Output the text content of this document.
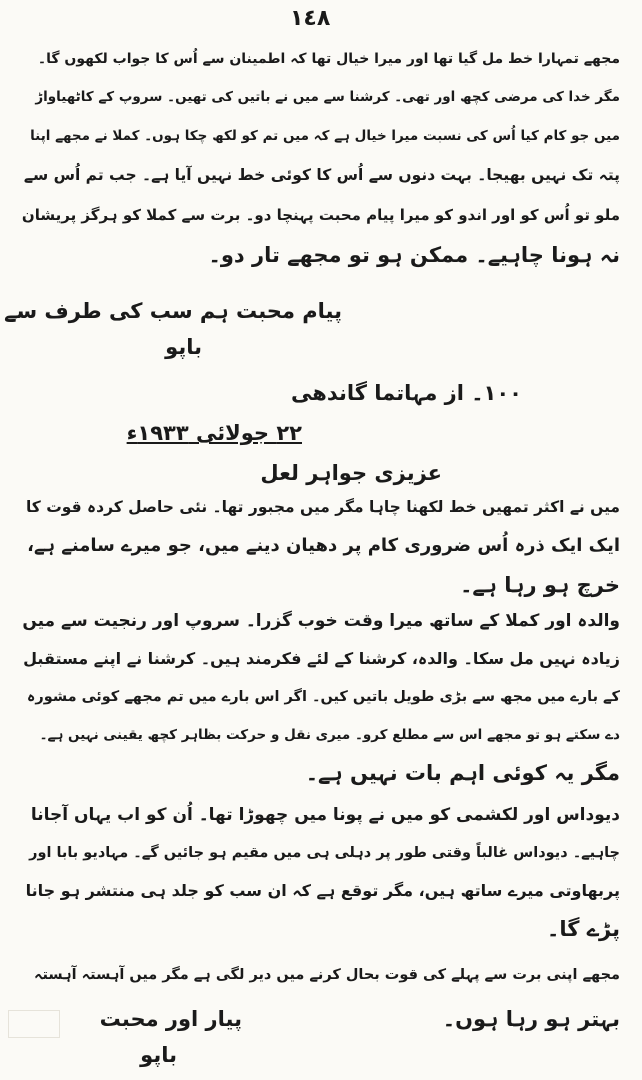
١٤٨
مجھے تمہارا خط مل گیا تھا اور میرا خیال تھا کہ اطمینان سے اُس کا جواب لکھوں گا۔
مگر خدا کی مرضی کچھ اور تھی۔ کرشنا سے میں نے باتیں کی تھیں۔ سروپ کے کاٹھیاواڑ
میں جو کام کیا اُس کی نسبت میرا خیال ہے کہ میں تم کو لکھ چکا ہوں۔ کملا نے مجھے اپنا
پتہ تک نہیں بھیجا۔ بہت دنوں سے اُس کا کوئی خط نہیں آیا ہے۔ جب تم اُس سے
ملو تو اُس کو اور اندو کو میرا پیام محبت پہنچا دو۔ برت سے کملا کو ہرگز پریشان
نہ ہونا چاہیے۔ ممکن ہو تو مجھے تار دو۔
پیام محبت ہم سب کی طرف سے
باپو
۱۰۰۔ از مہاتما گاندھی
۲۲ جولائی ۱۹۳۳ء
عزیزی جواہر لعل
میں نے اکثر تمھیں خط لکھنا چاہا مگر میں مجبور تھا۔ نئی حاصل کردہ قوت کا
ایک ایک ذرہ اُس ضروری کام پر دھیان دینے میں، جو میرے سامنے ہے،
خرچ ہو رہا ہے۔
والدہ اور کملا کے ساتھ میرا وقت خوب گزرا۔ سروپ اور رنجیت سے میں
زیادہ نہیں مل سکا۔ والدہ، کرشنا کے لئے فکرمند ہیں۔ کرشنا نے اپنے مستقبل
کے بارے میں مجھ سے بڑی طویل باتیں کیں۔ اگر اس بارے میں تم مجھے کوئی مشورہ
دے سکتے ہو تو مجھے اس سے مطلع کرو۔ میری نقل و حرکت بظاہر کچھ یقینی نہیں ہے۔
مگر یہ کوئی اہم بات نہیں ہے۔
دیوداس اور لکشمی کو میں نے پونا میں چھوڑا تھا۔ اُن کو اب یہاں آجانا
چاہیے۔ دیوداس غالباً وقتی طور پر دہلی ہی میں مقیم ہو جائیں گے۔ مہادیو بابا اور
پربھاوتی میرے ساتھ ہیں، مگر توقع ہے کہ ان سب کو جلد ہی منتشر ہو جانا
پڑے گا۔
مجھے اپنی برت سے پہلے کی قوت بحال کرنے میں دیر لگی ہے مگر میں آہستہ آہستہ
بہتر ہو رہا ہوں۔
پیار اور محبت
باپو
